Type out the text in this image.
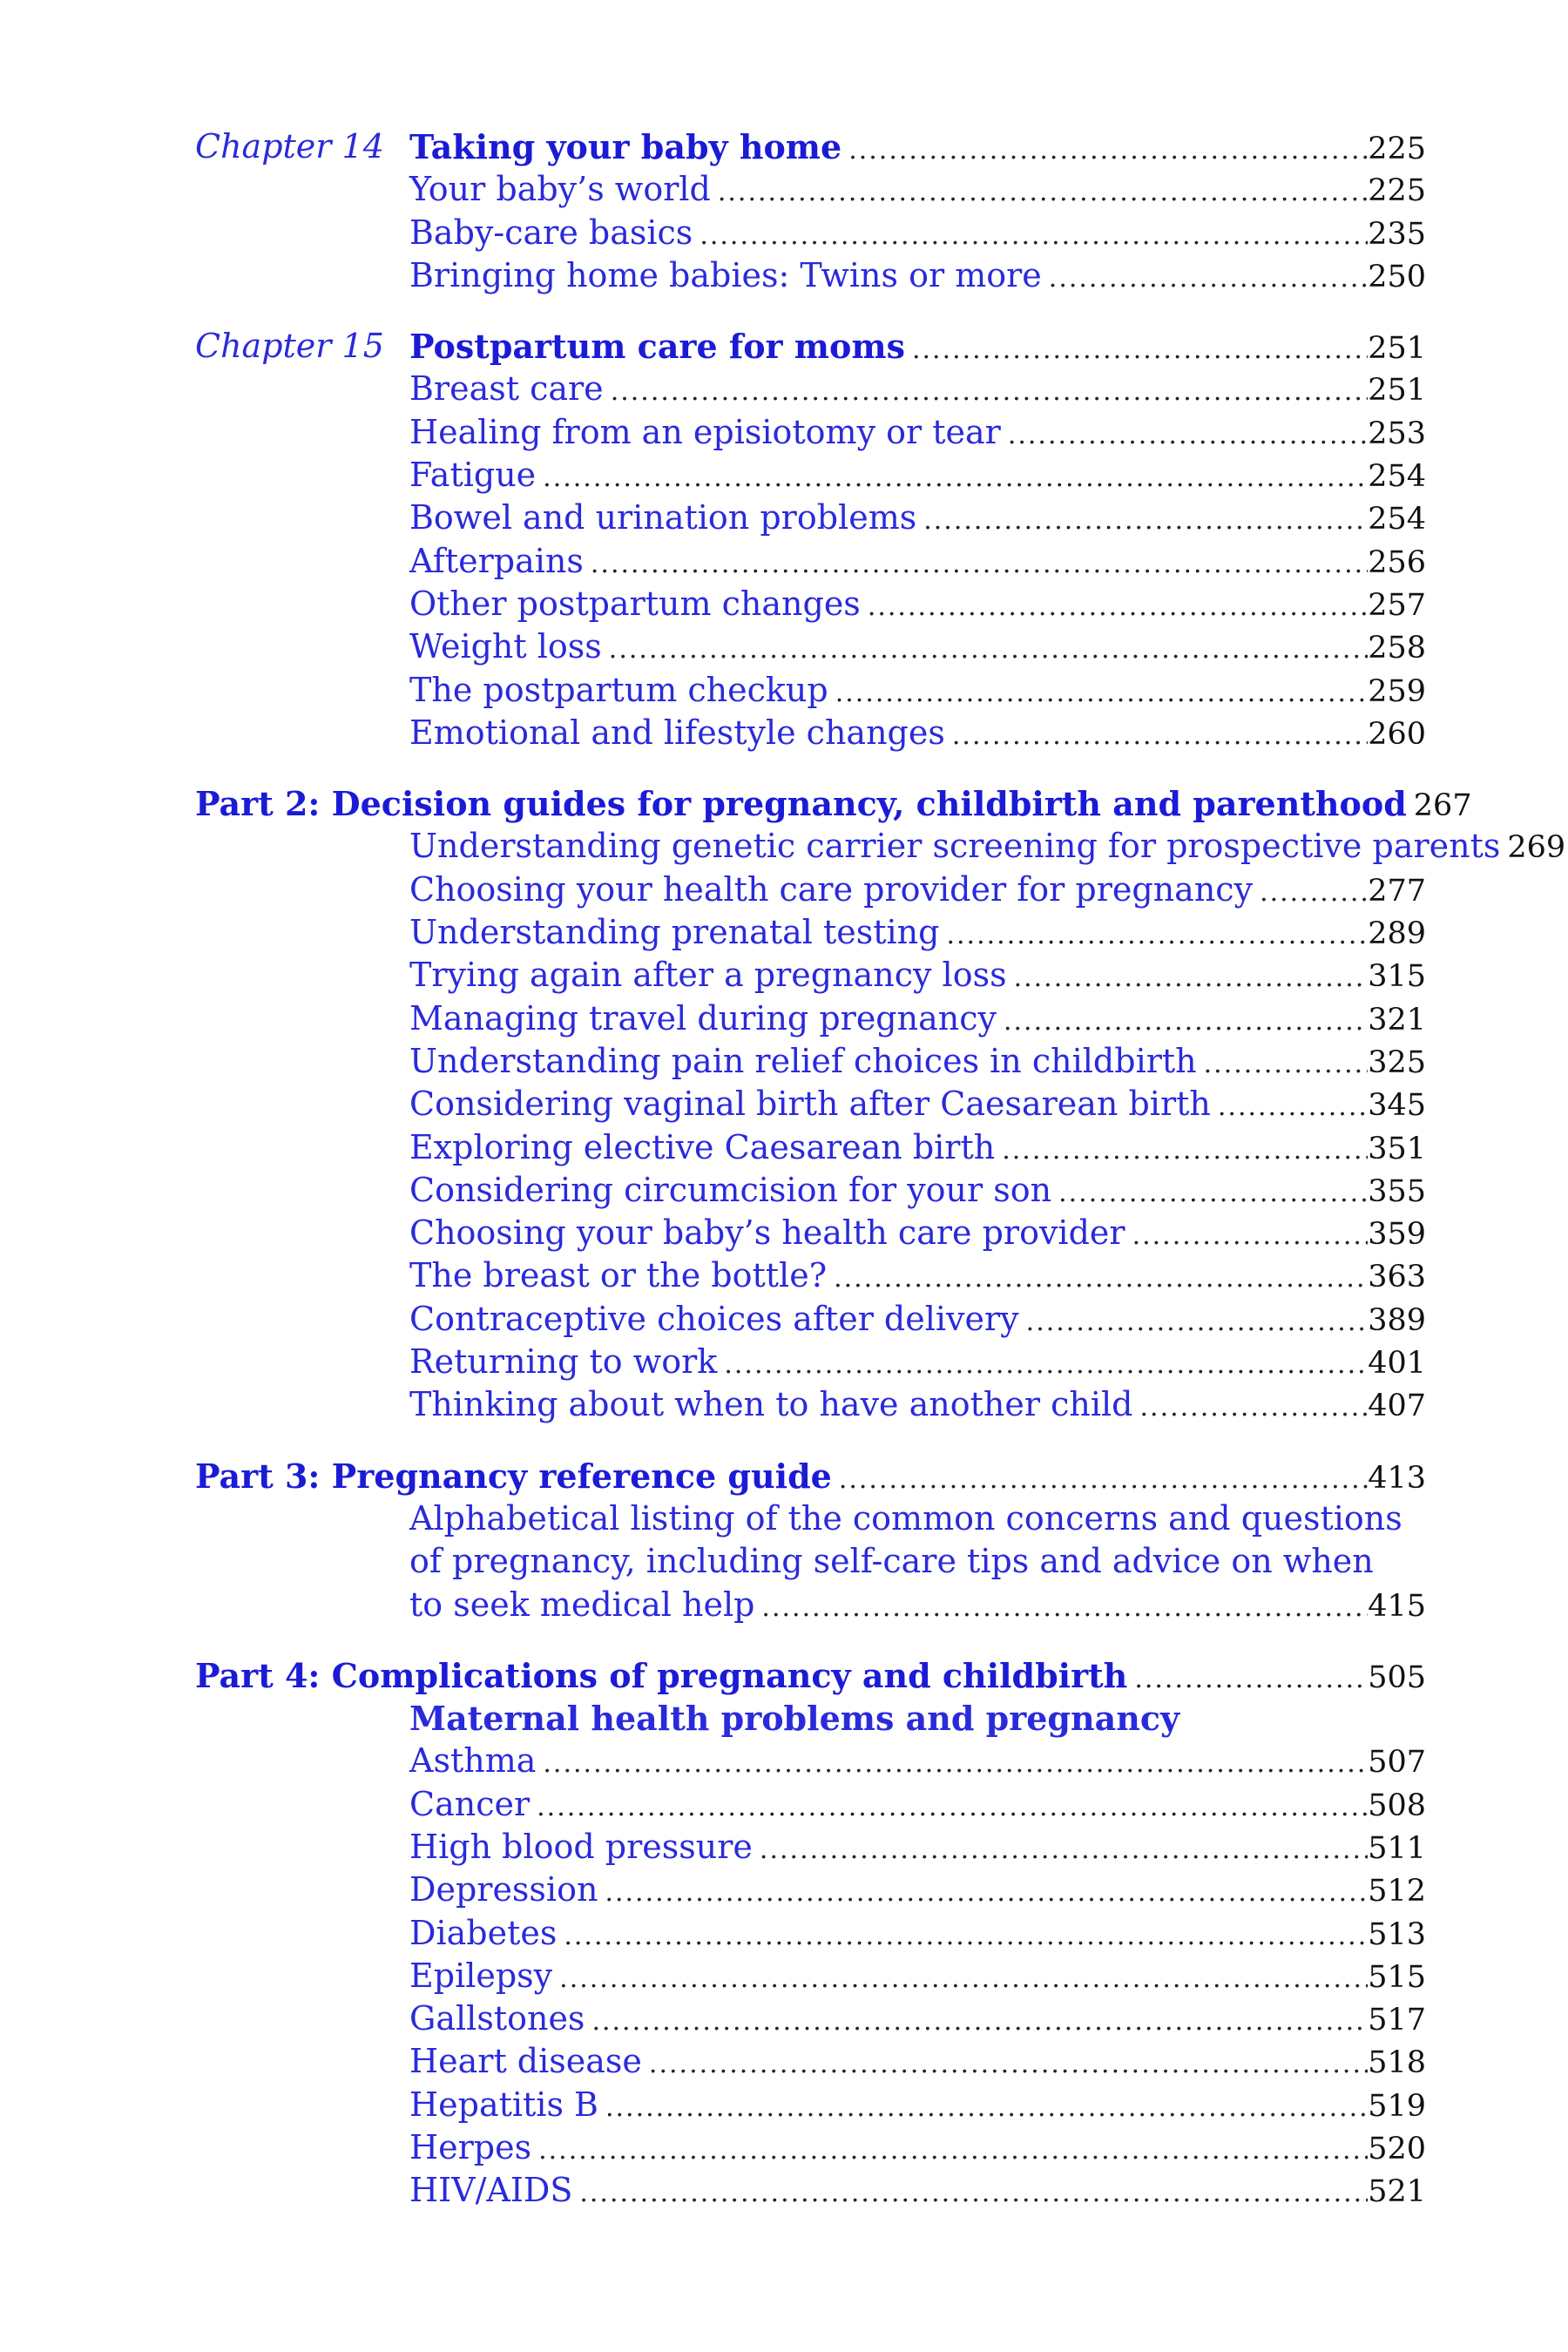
Chapter 14 Taking your baby home .....	225
Your baby’s world .....	225
Baby-care basics .....	235
Bringing home babies: Twins or more .....	250
Chapter 15 Postpartum care for moms .....	251
Breast care .....	251
Healing from an episiotomy or tear .....	253
Fatigue .....	254
Bowel and urination problems .....	254
Afterpains .....	256
Other postpartum changes .....	257
Weight loss .....	258
The postpartum checkup .....	259
Emotional and lifestyle changes .....	260
Part 2: Decision guides for pregnancy, childbirth and parenthood 267
Understanding genetic carrier screening for prospective parents 269
Choosing your health care provider for pregnancy .....	277
Understanding prenatal testing .....	289
Trying again after a pregnancy loss .....	315
Managing travel during pregnancy .....	321
Understanding pain relief choices in childbirth .....	325
Considering vaginal birth after Caesarean birth .....	345
Exploring elective Caesarean birth .....	351
Considering circumcision for your son .....	355
Choosing your baby’s health care provider .....	359
The breast or the bottle? .....	363
Contraceptive choices after delivery .....	389
Returning to work .....	401
Thinking about when to have another child .....	407
Part 3: Pregnancy reference guide .....	413
Alphabetical listing of the common concerns and questions
of pregnancy, including self-care tips and advice on when
to seek medical help .....	415
Part 4: Complications of pregnancy and childbirth .....	505
Maternal health problems and pregnancy
Asthma .....	507
Cancer .....	508
High blood pressure .....	511
Depression .....	512
Diabetes .....	513
Epilepsy .....	515
Gallstones .....	517
Heart disease .....	518
Hepatitis B .....	519
Herpes .....	520
HIV/AIDS .....	521
